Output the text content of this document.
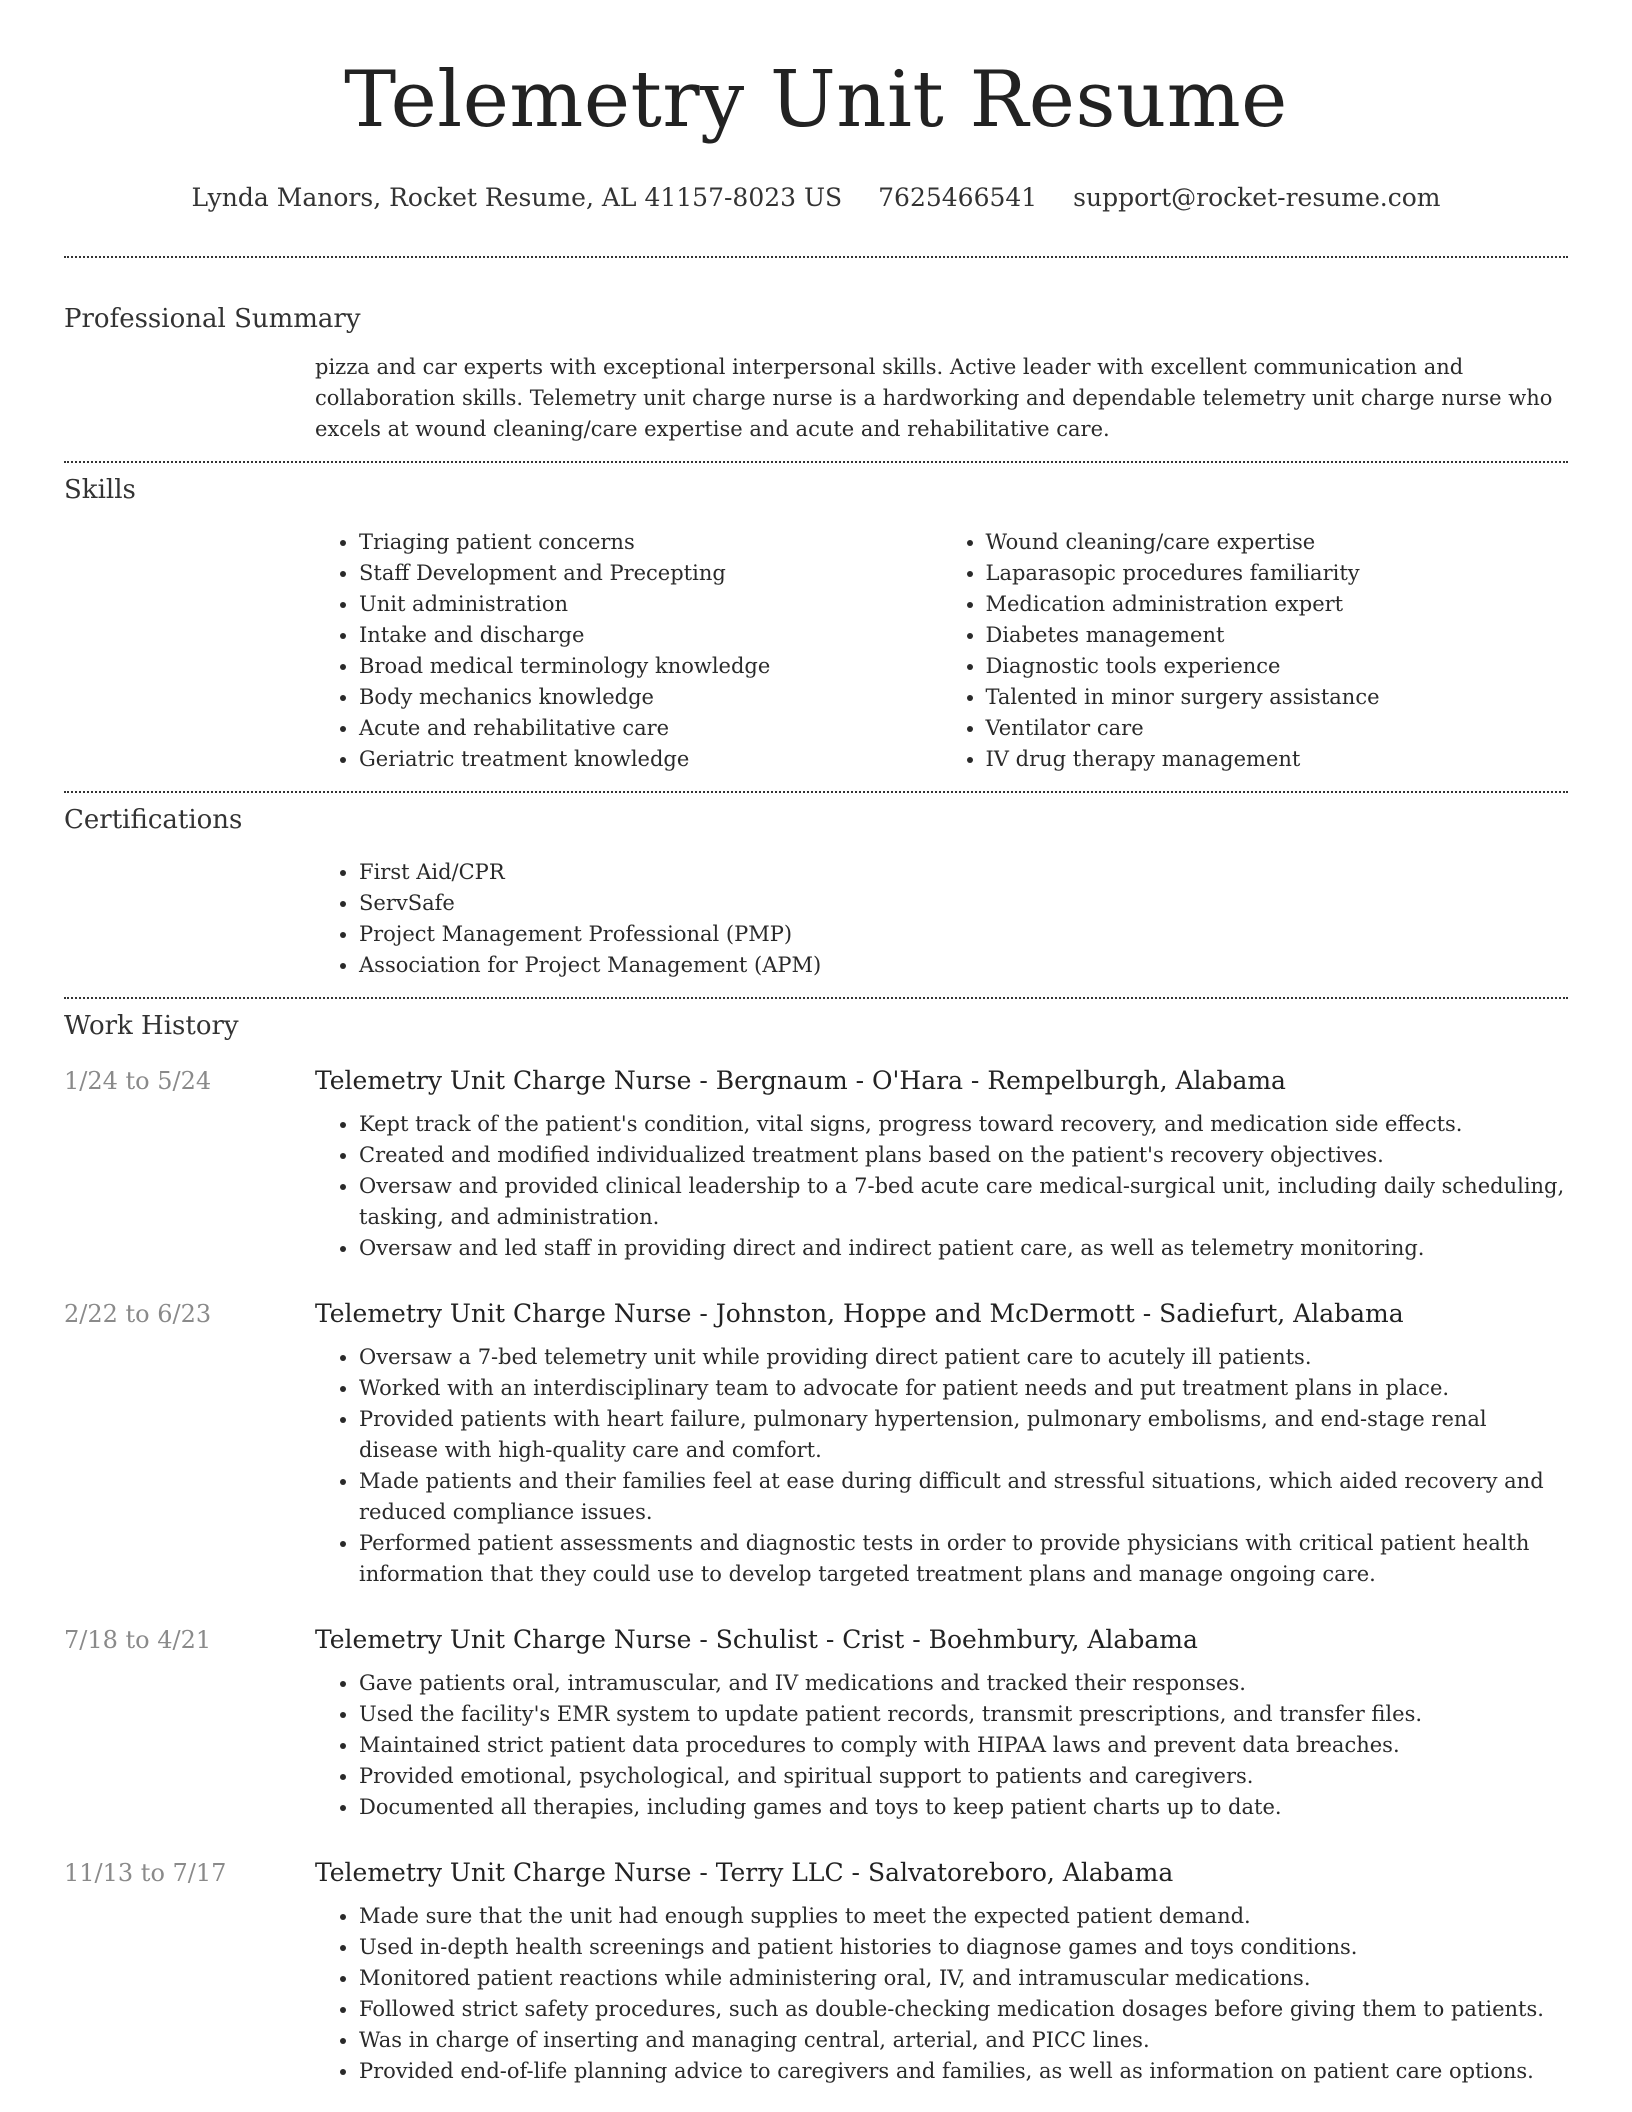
Telemetry Unit Resume
Lynda Manors, Rocket Resume, AL 41157-8023 US 7625466541 support@rocket-resume.com
Professional Summary

pizza and car experts with exceptional interpersonal skills. Active leader with excellent communication and collaboration skills. Telemetry unit charge nurse is a hardworking and dependable telemetry unit charge nurse who excels at wound cleaning/care expertise and acute and rehabilitative care.

Skills
• Triaging patient concerns
• Staff Development and Precepting
• Unit administration
• Intake and discharge
• Broad medical terminology knowledge
• Body mechanics knowledge
• Acute and rehabilitative care
• Geriatric treatment knowledge
• Wound cleaning/care expertise
• Laparasopic procedures familiarity
• Medication administration expert
• Diabetes management
• Diagnostic tools experience
• Talented in minor surgery assistance
• Ventilator care
• IV drug therapy management
Certifications
• First Aid/CPR
• ServSafe
• Project Management Professional (PMP)
• Association for Project Management (APM)
Work History
1/24 to 5/24	Telemetry Unit Charge Nurse - Bergnaum - O'Hara - Rempelburgh, Alabama
• Kept track of the patient's condition, vital signs, progress toward recovery, and medication side effects.
• Created and modified individualized treatment plans based on the patient's recovery objectives.
• Oversaw and provided clinical leadership to a 7-bed acute care medical-surgical unit, including daily scheduling, tasking, and administration.
• Oversaw and led staff in providing direct and indirect patient care, as well as telemetry monitoring.
2/22 to 6/23	Telemetry Unit Charge Nurse - Johnston, Hoppe and McDermott - Sadiefurt, Alabama
• Oversaw a 7-bed telemetry unit while providing direct patient care to acutely ill patients.
• Worked with an interdisciplinary team to advocate for patient needs and put treatment plans in place.
• Provided patients with heart failure, pulmonary hypertension, pulmonary embolisms, and end-stage renal disease with high-quality care and comfort.
• Made patients and their families feel at ease during difficult and stressful situations, which aided recovery and reduced compliance issues.
• Performed patient assessments and diagnostic tests in order to provide physicians with critical patient health information that they could use to develop targeted treatment plans and manage ongoing care.
7/18 to 4/21	Telemetry Unit Charge Nurse - Schulist - Crist - Boehmbury, Alabama
• Gave patients oral, intramuscular, and IV medications and tracked their responses.
• Used the facility's EMR system to update patient records, transmit prescriptions, and transfer files.
• Maintained strict patient data procedures to comply with HIPAA laws and prevent data breaches.
• Provided emotional, psychological, and spiritual support to patients and caregivers.
• Documented all therapies, including games and toys to keep patient charts up to date.
11/13 to 7/17	Telemetry Unit Charge Nurse - Terry LLC - Salvatoreboro, Alabama
• Made sure that the unit had enough supplies to meet the expected patient demand.
• Used in-depth health screenings and patient histories to diagnose games and toys conditions.
• Monitored patient reactions while administering oral, IV, and intramuscular medications.
• Followed strict safety procedures, such as double-checking medication dosages before giving them to patients.
• Was in charge of inserting and managing central, arterial, and PICC lines.
• Provided end-of-life planning advice to caregivers and families, as well as information on patient care options.
